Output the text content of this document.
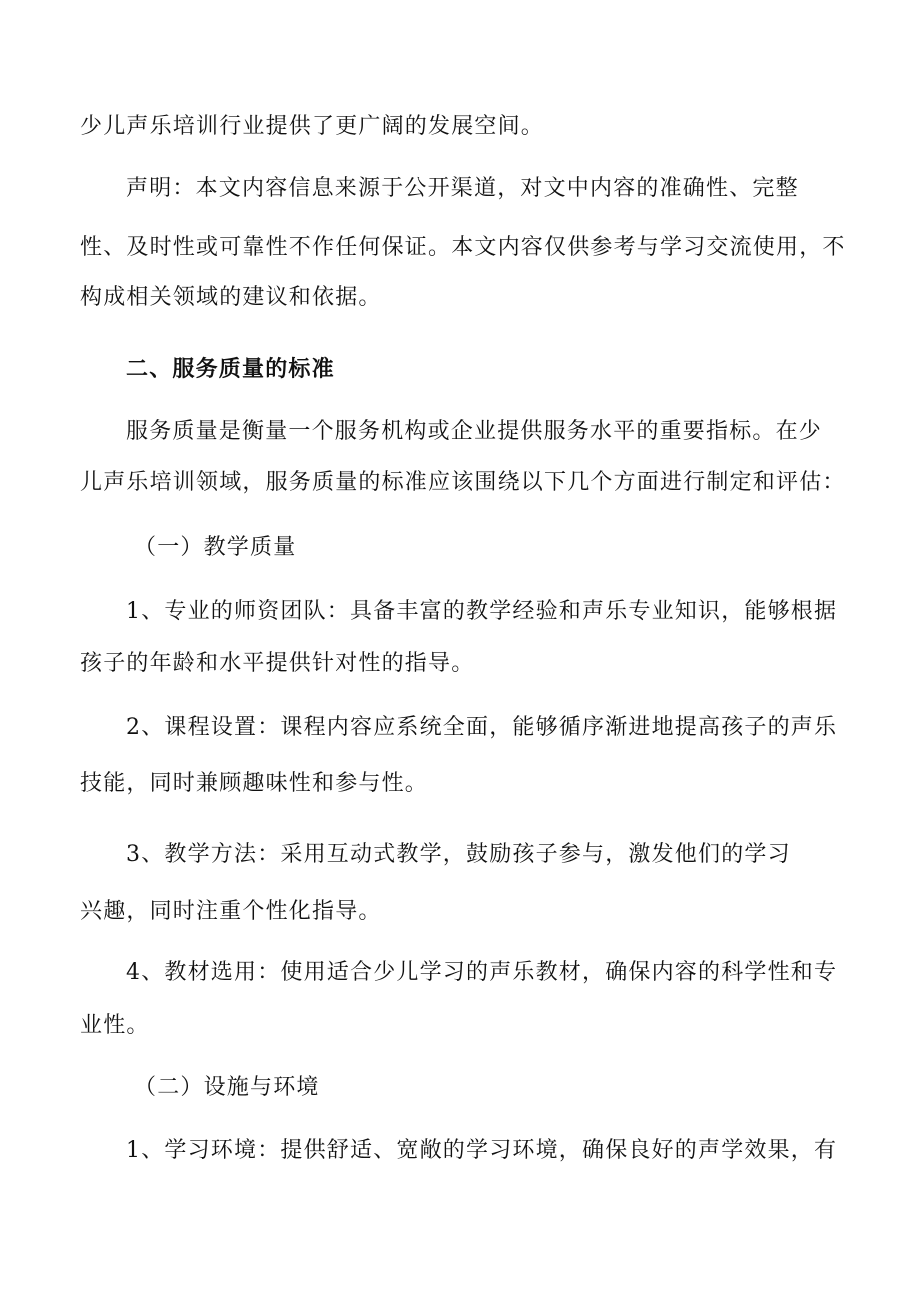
少儿声乐培训行业提供了更广阔的发展空间。
声明：本文内容信息来源于公开渠道，对文中内容的准确性、完整
性、及时性或可靠性不作任何保证。本文内容仅供参考与学习交流使用，不
构成相关领域的建议和依据。
二、服务质量的标准
服务质量是衡量一个服务机构或企业提供服务水平的重要指标。在少
儿声乐培训领域，服务质量的标准应该围绕以下几个方面进行制定和评估：
（一）教学质量
1、专业的师资团队：具备丰富的教学经验和声乐专业知识，能够根据
孩子的年龄和水平提供针对性的指导。
2、课程设置：课程内容应系统全面，能够循序渐进地提高孩子的声乐
技能，同时兼顾趣味性和参与性。
3、教学方法：采用互动式教学，鼓励孩子参与，激发他们的学习
兴趣，同时注重个性化指导。
4、教材选用：使用适合少儿学习的声乐教材，确保内容的科学性和专
业性。
（二）设施与环境
1、学习环境：提供舒适、宽敞的学习环境，确保良好的声学效果，有
